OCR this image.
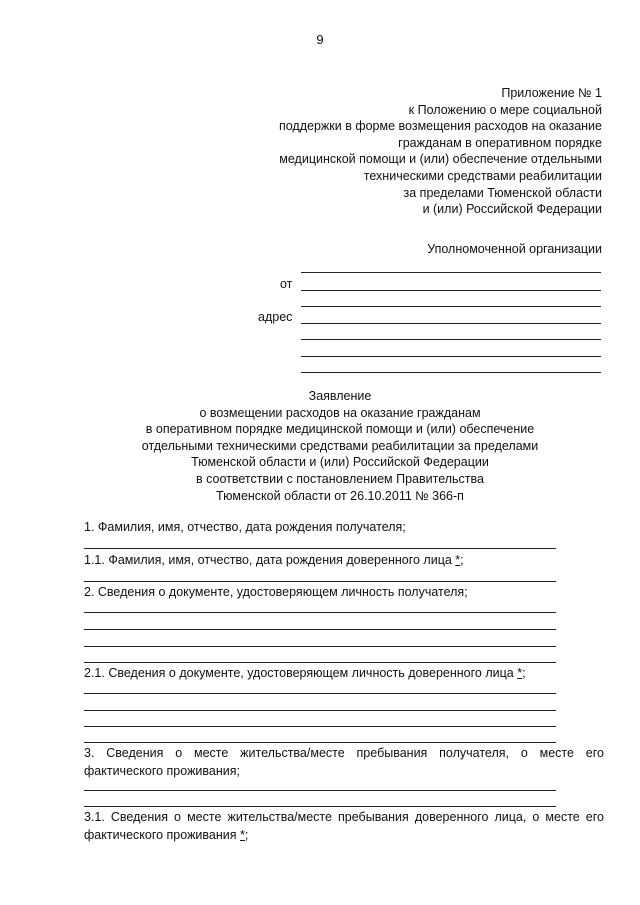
9
Приложение № 1
к Положению о мере социальной
поддержки в форме возмещения расходов на оказание
гражданам в оперативном порядке
медицинской помощи и (или) обеспечение отдельными
техническими средствами реабилитации
за пределами Тюменской области
и (или) Российской Федерации
Уполномоченной организации
от
адрес
Заявление
о возмещении расходов на оказание гражданам
в оперативном порядке медицинской помощи и (или) обеспечение
отдельными техническими средствами реабилитации за пределами
Тюменской области и (или) Российской Федерации
в соответствии с постановлением Правительства
Тюменской области от 26.10.2011 № 366-п
1. Фамилия, имя, отчество, дата рождения получателя;
1.1. Фамилия, имя, отчество, дата рождения доверенного лица *;
2. Сведения о документе, удостоверяющем личность получателя;
2.1. Сведения о документе, удостоверяющем личность доверенного лица *;
3. Сведения о месте жительства/месте пребывания получателя, о месте его фактического проживания;
3.1. Сведения о месте жительства/месте пребывания доверенного лица, о месте его фактического проживания *;
